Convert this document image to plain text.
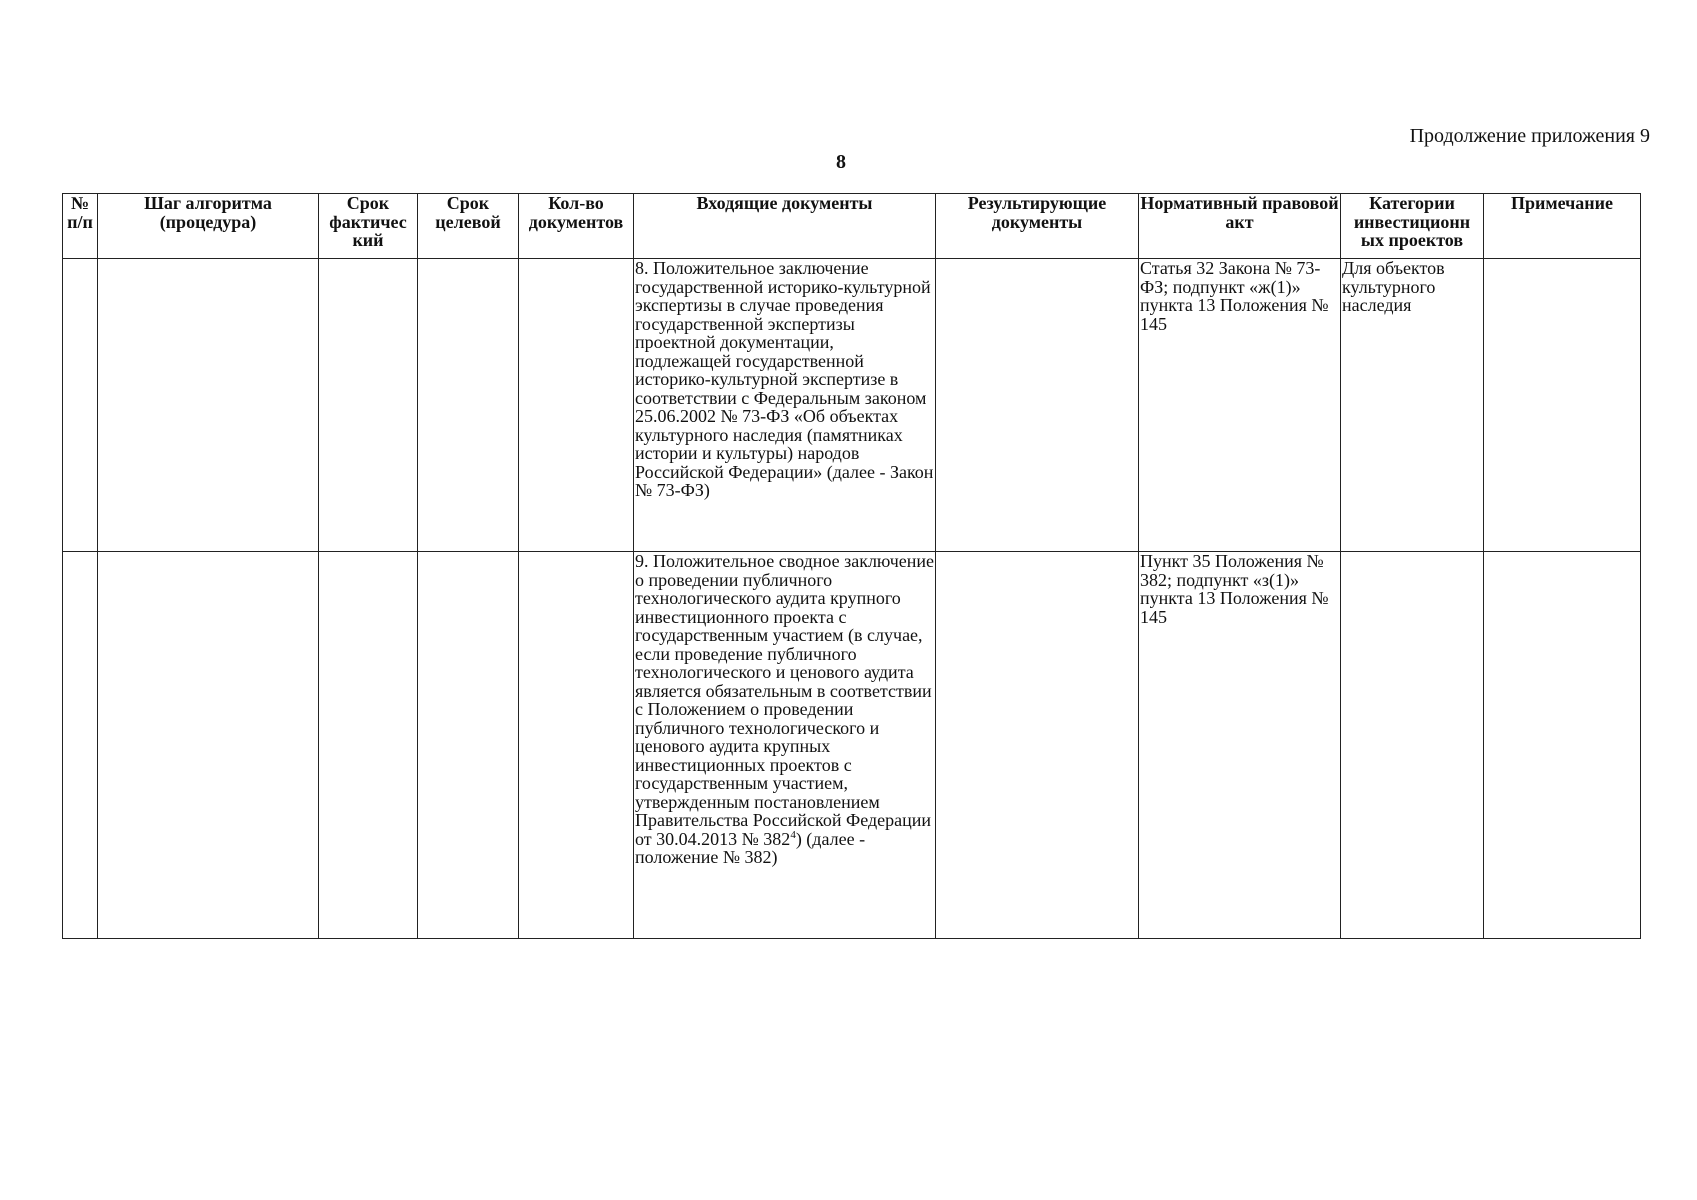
Продолжение приложения 9
8
№ п/п	Шаг алгоритма (процедура)	Срок фактичес кий	Срок целевой	Кол-во документов	Входящие документы	Результирующие документы	Нормативный правовой акт	Категории инвестиционн ых проектов	Примечание
					8. Положительное заключение государственной историко-культурной экспертизы в случае проведения государственной экспертизы проектной документации, подлежащей государственной историко-культурной экспертизе в соответствии с Федеральным законом 25.06.2002 № 73-ФЗ «Об объектах культурного наследия (памятниках истории и культуры) народов Российской Федерации» (далее - Закон № 73-ФЗ)		Статья 32 Закона № 73-ФЗ; подпункт «ж(1)» пункта 13 Положения № 145	Для объектов культурного наследия	
					9. Положительное сводное заключение о проведении публичного технологического аудита крупного инвестиционного проекта с государственным участием (в случае, если проведение публичного технологического и ценового аудита является обязательным в соответствии с Положением о проведении публичного технологического и ценового аудита крупных инвестиционных проектов с государственным участием, утвержденным постановлением Правительства Российской Федерации от 30.04.2013 № $382^4$) (далее - положение № 382)		Пункт 35 Положения № 382; подпункт «з(1)» пункта 13 Положения № 145		
